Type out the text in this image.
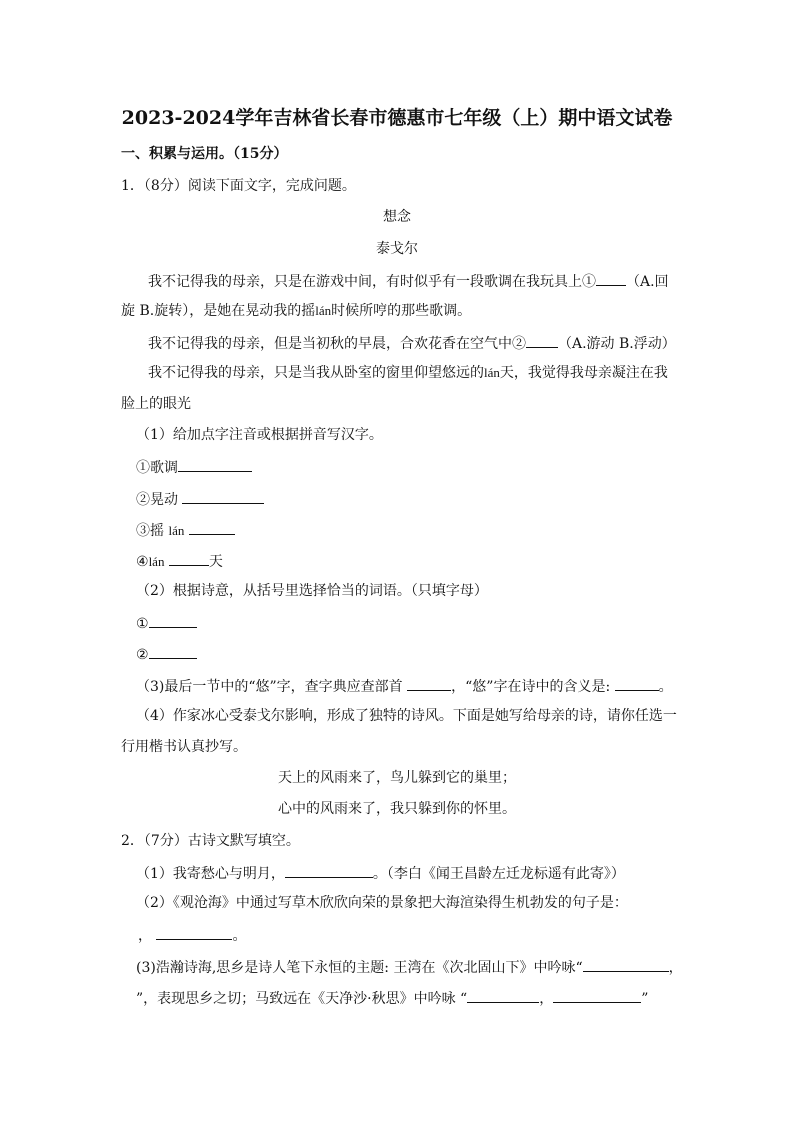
2023-2024学年吉林省长春市德惠市七年级（上）期中语文试卷
一、积累与运用。（15分）
1．（8分）阅读下面文字，完成问题。
想念
泰戈尔
我不记得我的母亲，只是在游戏中间，有时似乎有一段歌调在我玩具上① （A.回
旋 B.旋转），是她在晃动我的摇lán时候所哼的那些歌调。
我不记得我的母亲，但是当初秋的早晨，合欢花香在空气中② （A.游动 B.浮动）
我不记得我的母亲，只是当我从卧室的窗里仰望悠远的lán天，我觉得我母亲凝注在我
脸上的眼光
（1）给加点字注音或根据拼音写汉字。
①歌调
②晃动
③摇 lán
④lán	天
（2）根据诗意，从括号里选择恰当的词语。（只填字母）
①
②
（3)最后一节中的“悠”字，查字典应查部首	，“悠”字在诗中的含义是:	。
（4）作家冰心受泰戈尔影响，形成了独特的诗风。下面是她写给母亲的诗，请你任选一
行用楷书认真抄写。
天上的风雨来了，鸟儿躲到它的巢里；
心中的风雨来了，我只躲到你的怀里。
2．（7分）古诗文默写填空。
（1）我寄愁心与明月，	。（李白《闻王昌龄左迁龙标遥有此寄》）
（2）《观沧海》中通过写草木欣欣向荣的景象把大海渲染得生机勃发的句子是：
，	。
(3)浩瀚诗海,思乡是诗人笔下永恒的主题: 王湾在《次北固山下》中吟咏“	，
”，表现思乡之切；马致远在《天净沙·秋思》中吟咏 “	，	”
